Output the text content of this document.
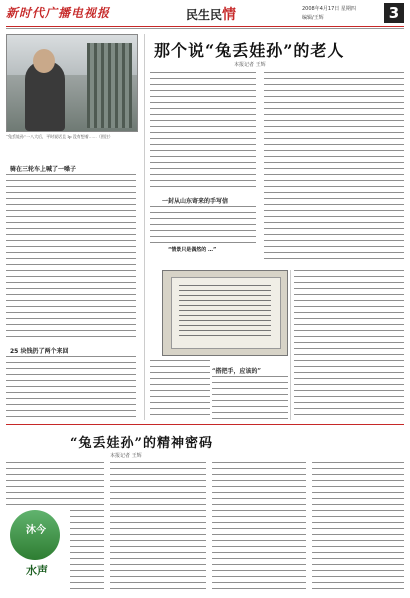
新时代广播电视报	民生民情	2008年4月17日 星期四
编辑/王辉	3
“兔丢娃孙”一八大后，平时说话且 Ip 没有想着……（图注）
那个说“兔丢娃孙”的老人
本报记者 王辉
骑在三轮车上喊了一嗓子
25 块钱扔了两个来回
一封从山东寄来的手写信
“情景只是偶然的 …”
“搭把手，应该的”
“兔丢娃孙”的精神密码
本报记者 王辉
沐今
水声
